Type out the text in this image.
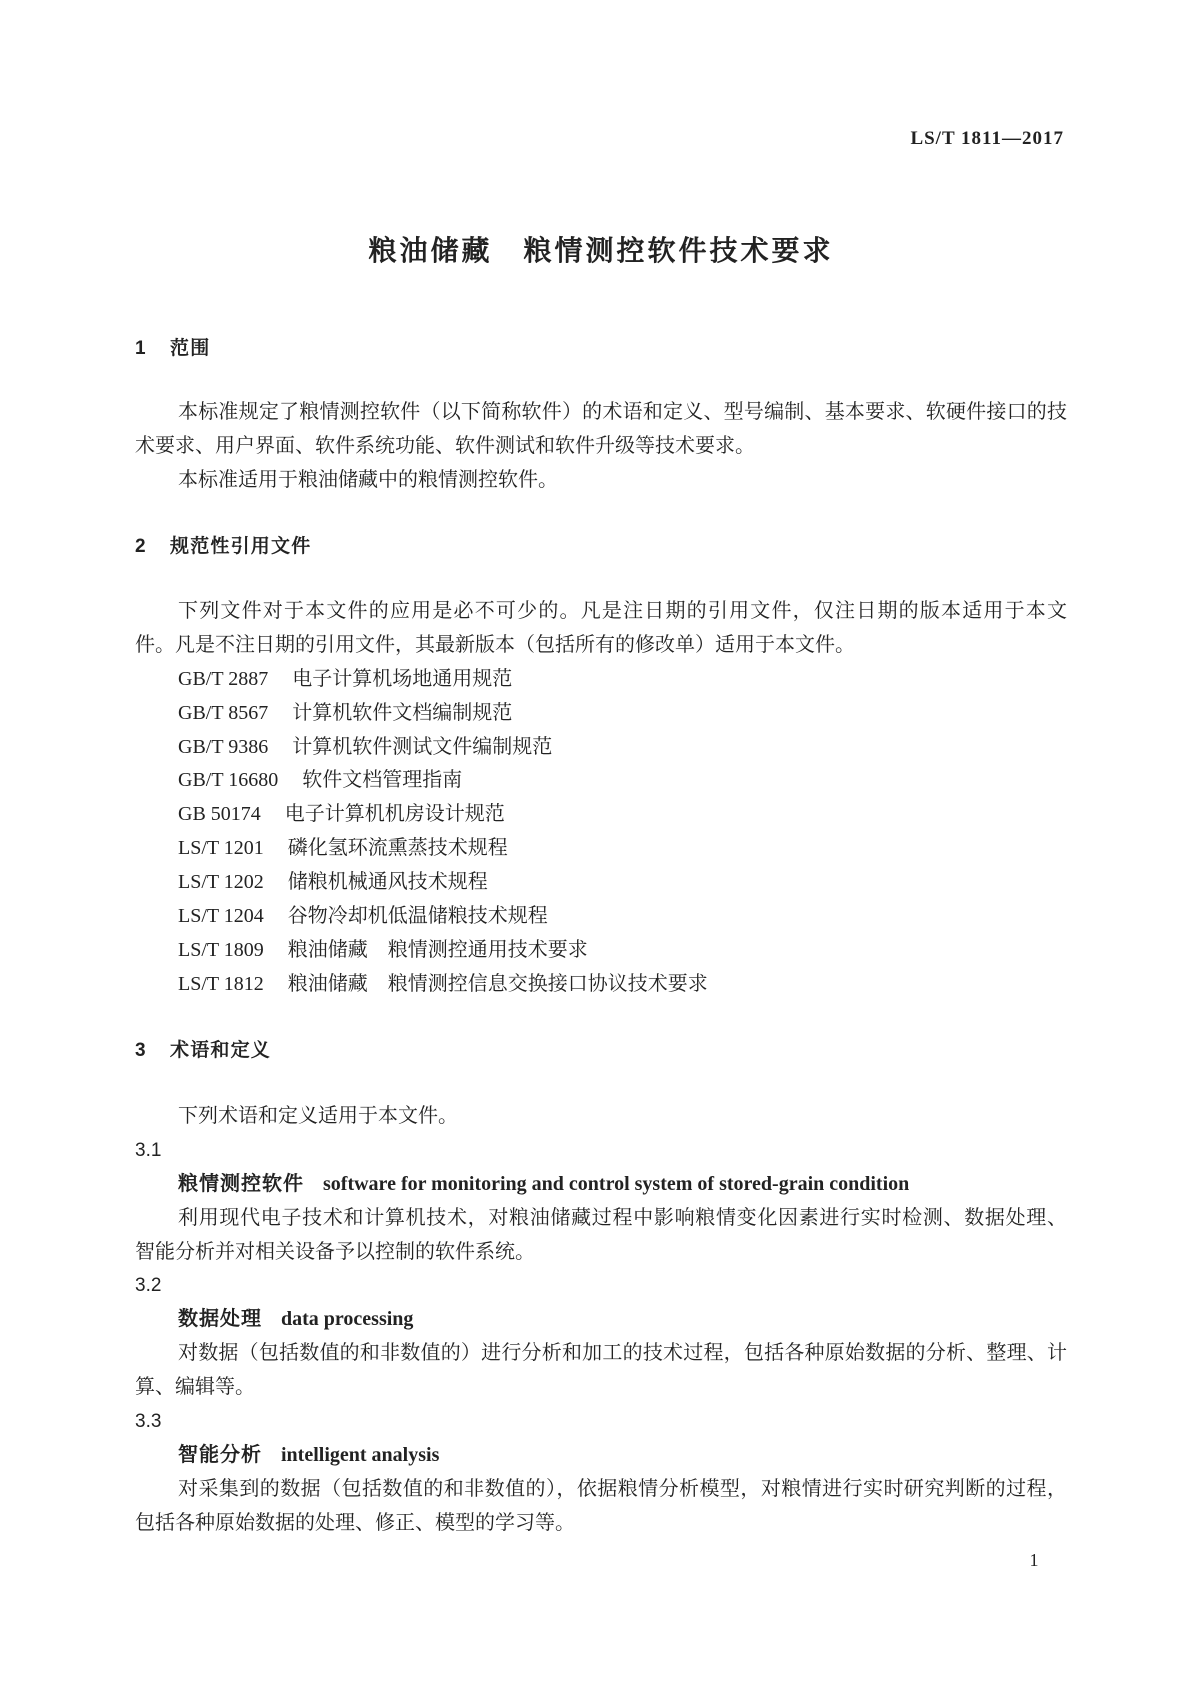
LS/T 1811—2017
粮油储藏　粮情测控软件技术要求
1 范围
本标准规定了粮情测控软件（以下简称软件）的术语和定义、型号编制、基本要求、软硬件接口的技
术要求、用户界面、软件系统功能、软件测试和软件升级等技术要求。
本标准适用于粮油储藏中的粮情测控软件。
2 规范性引用文件
下列文件对于本文件的应用是必不可少的。凡是注日期的引用文件，仅注日期的版本适用于本文
件。凡是不注日期的引用文件，其最新版本（包括所有的修改单）适用于本文件。
GB/T 2887 电子计算机场地通用规范
GB/T 8567 计算机软件文档编制规范
GB/T 9386 计算机软件测试文件编制规范
GB/T 16680 软件文档管理指南
GB 50174 电子计算机机房设计规范
LS/T 1201 磷化氢环流熏蒸技术规程
LS/T 1202 储粮机械通风技术规程
LS/T 1204 谷物冷却机低温储粮技术规程
LS/T 1809 粮油储藏　粮情测控通用技术要求
LS/T 1812 粮油储藏　粮情测控信息交换接口协议技术要求
3 术语和定义
下列术语和定义适用于本文件。
3.1
粮情测控软件 software for monitoring and control system of stored-grain condition
利用现代电子技术和计算机技术，对粮油储藏过程中影响粮情变化因素进行实时检测、数据处理、
智能分析并对相关设备予以控制的软件系统。
3.2
数据处理 data processing
对数据（包括数值的和非数值的）进行分析和加工的技术过程，包括各种原始数据的分析、整理、计
算、编辑等。
3.3
智能分析 intelligent analysis
对采集到的数据（包括数值的和非数值的），依据粮情分析模型，对粮情进行实时研究判断的过程，
包括各种原始数据的处理、修正、模型的学习等。
1
